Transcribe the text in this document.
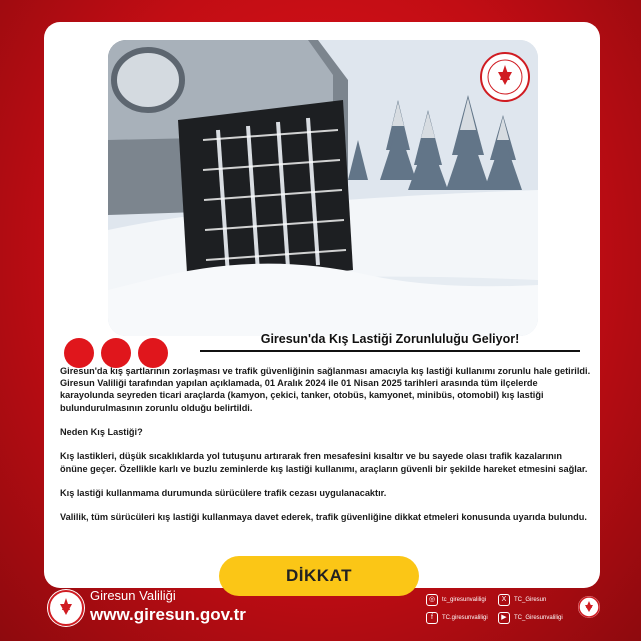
Giresun'da Kış Lastiği Zorunluluğu Geliyor!

Giresun'da kış şartlarının zorlaşması ve trafik güvenliğinin sağlanması amacıyla kış lastiği kullanımı zorunlu hale getirildi. Giresun Valiliği tarafından yapılan açıklamada, 01 Aralık 2024 ile 01 Nisan 2025 tarihleri arasında tüm ilçelerde karayolunda seyreden ticari araçlarda (kamyon, çekici, tanker, otobüs, kamyonet, minibüs, otomobil) kış lastiği bulundurulmasının zorunlu olduğu belirtildi.

Neden Kış Lastiği?

Kış lastikleri, düşük sıcaklıklarda yol tutuşunu artırarak fren mesafesini kısaltır ve bu sayede olası trafik kazalarının önüne geçer. Özellikle karlı ve buzlu zeminlerde kış lastiği kullanımı, araçların güvenli bir şekilde hareket etmesini sağlar.

Kış lastiği kullanmama durumunda sürücülere trafik cezası uygulanacaktır.

Valilik, tüm sürücüleri kış lastiği kullanmaya davet ederek, trafik güvenliğine dikkat etmeleri konusunda uyarıda bulundu.

DİKKAT
Giresun Valiliği
www.giresun.gov.tr
◎ tc_giresunvaliligi	X TC_Giresun
f TC.giresunvaliligi	▶ TC_Giresunvaliligi
